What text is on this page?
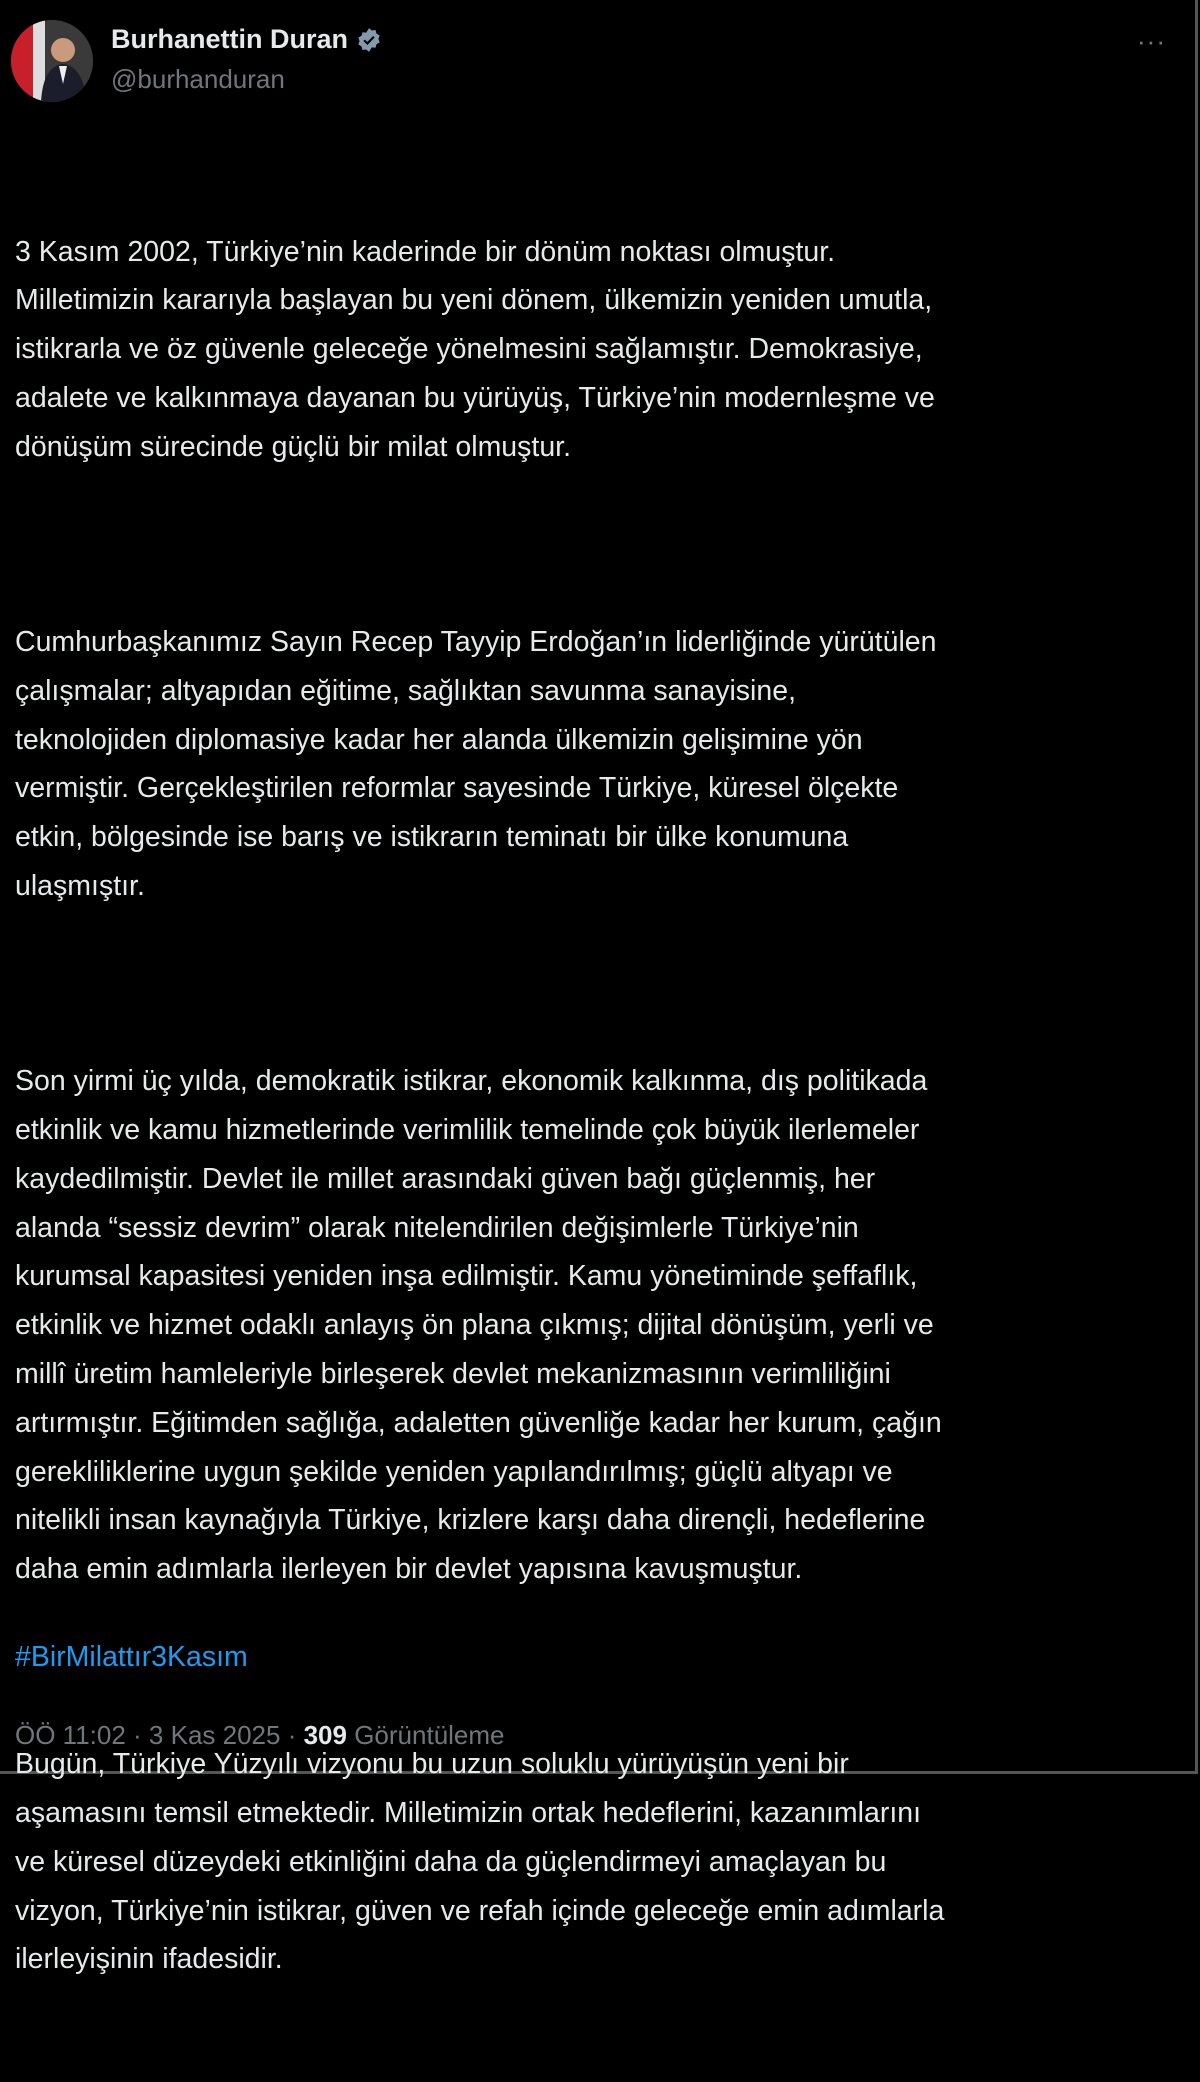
Burhanettin Duran
@burhanduran
···

3 Kasım 2002, Türkiye’nin kaderinde bir dönüm noktası olmuştur.
Milletimizin kararıyla başlayan bu yeni dönem, ülkemizin yeniden umutla,
istikrarla ve öz güvenle geleceğe yönelmesini sağlamıştır. Demokrasiye,
adalete ve kalkınmaya dayanan bu yürüyüş, Türkiye’nin modernleşme ve
dönüşüm sürecinde güçlü bir milat olmuştur.

Cumhurbaşkanımız Sayın Recep Tayyip Erdoğan’ın liderliğinde yürütülen
çalışmalar; altyapıdan eğitime, sağlıktan savunma sanayisine,
teknolojiden diplomasiye kadar her alanda ülkemizin gelişimine yön
vermiştir. Gerçekleştirilen reformlar sayesinde Türkiye, küresel ölçekte
etkin, bölgesinde ise barış ve istikrarın teminatı bir ülke konumuna
ulaşmıştır.

Son yirmi üç yılda, demokratik istikrar, ekonomik kalkınma, dış politikada
etkinlik ve kamu hizmetlerinde verimlilik temelinde çok büyük ilerlemeler
kaydedilmiştir. Devlet ile millet arasındaki güven bağı güçlenmiş, her
alanda “sessiz devrim” olarak nitelendirilen değişimlerle Türkiye’nin
kurumsal kapasitesi yeniden inşa edilmiştir. Kamu yönetiminde şeffaflık,
etkinlik ve hizmet odaklı anlayış ön plana çıkmış; dijital dönüşüm, yerli ve
millî üretim hamleleriyle birleşerek devlet mekanizmasının verimliliğini
artırmıştır. Eğitimden sağlığa, adaletten güvenliğe kadar her kurum, çağın
gerekliliklerine uygun şekilde yeniden yapılandırılmış; güçlü altyapı ve
nitelikli insan kaynağıyla Türkiye, krizlere karşı daha dirençli, hedeflerine
daha emin adımlarla ilerleyen bir devlet yapısına kavuşmuştur.

Bugün, Türkiye Yüzyılı vizyonu bu uzun soluklu yürüyüşün yeni bir
aşamasını temsil etmektedir. Milletimizin ortak hedeflerini, kazanımlarını
ve küresel düzeydeki etkinliğini daha da güçlendirmeyi amaçlayan bu
vizyon, Türkiye’nin istikrar, güven ve refah içinde geleceğe emin adımlarla
ilerleyişinin ifadesidir.

#BirMilattır3Kasım
ÖÖ 11:02 · 3 Kas 2025 · 309 Görüntüleme
